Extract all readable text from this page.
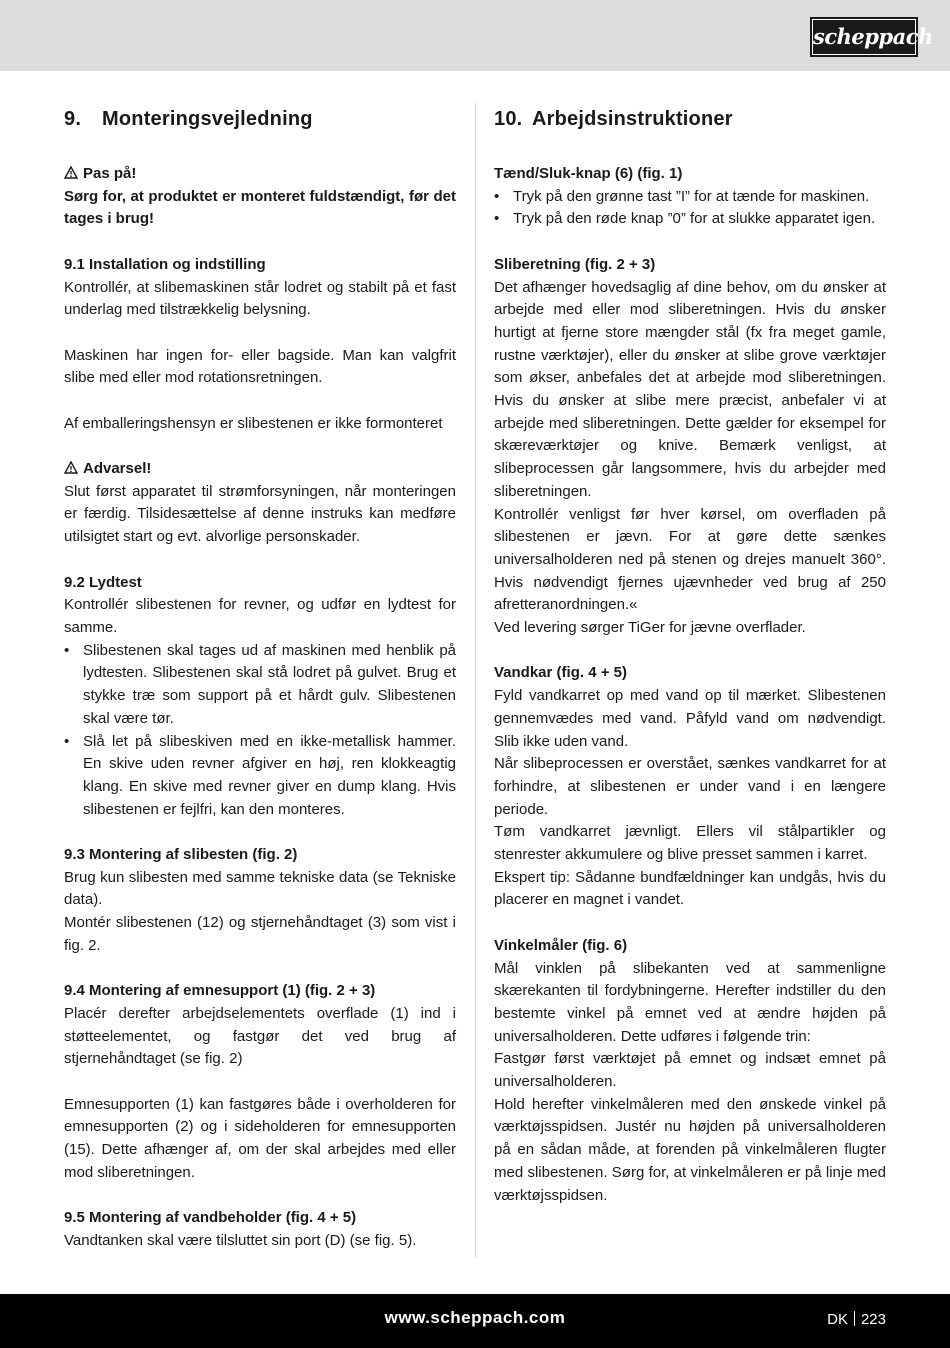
scheppach
9. Monteringsvejledning
Pas på!
Sørg for, at produktet er monteret fuldstændigt, før det tages i brug!
9.1 Installation og indstilling
Kontrollér, at slibemaskinen står lodret og stabilt på et fast underlag med tilstrækkelig belysning.
Maskinen har ingen for- eller bagside. Man kan valgfrit slibe med eller mod rotationsretningen.
Af emballeringshensyn er slibestenen er ikke formonteret
Advarsel!
Slut først apparatet til strømforsyningen, når monteringen er færdig. Tilsidesættelse af denne instruks kan medføre utilsigtet start og evt. alvorlige personskader.
9.2 Lydtest
Kontrollér slibestenen for revner, og udfør en lydtest for samme.
• Slibestenen skal tages ud af maskinen med henblik på lydtesten. Slibestenen skal stå lodret på gulvet. Brug et stykke træ som support på et hårdt gulv. Slibestenen skal være tør.
• Slå let på slibeskiven med en ikke-metallisk hammer. En skive uden revner afgiver en høj, ren klokkeagtig klang. En skive med revner giver en dump klang. Hvis slibestenen er fejlfri, kan den monteres.
9.3 Montering af slibesten (fig. 2)
Brug kun slibesten med samme tekniske data (se Tekniske data).
Montér slibestenen (12) og stjernehåndtaget (3) som vist i fig. 2.
9.4 Montering af emnesupport (1) (fig. 2 + 3)
Placér derefter arbejdselementets overflade (1) ind i støtteelementet, og fastgør det ved brug af stjernehåndtaget (se fig. 2)
Emnesupporten (1) kan fastgøres både i overholderen for emnesupporten (2) og i sideholderen for emnesupporten (15). Dette afhænger af, om der skal arbejdes med eller mod sliberetningen.
9.5 Montering af vandbeholder (fig. 4 + 5)
Vandtanken skal være tilsluttet sin port (D) (se fig. 5).
10. Arbejdsinstruktioner
Tænd/Sluk-knap (6) (fig. 1)
• Tryk på den grønne tast ”I” for at tænde for maskinen.
• Tryk på den røde knap ”0” for at slukke apparatet igen.
Sliberetning (fig. 2 + 3)
Det afhænger hovedsaglig af dine behov, om du ønsker at arbejde med eller mod sliberetningen. Hvis du ønsker hurtigt at fjerne store mængder stål (fx fra meget gamle, rustne værktøjer), eller du ønsker at slibe grove værktøjer som økser, anbefales det at arbejde mod sliberetningen. Hvis du ønsker at slibe mere præcist, anbefaler vi at arbejde med sliberetningen. Dette gælder for eksempel for skæreværktøjer og knive. Bemærk venligst, at slibeprocessen går langsommere, hvis du arbejder med sliberetningen.
Kontrollér venligst før hver kørsel, om overfladen på slibestenen er jævn. For at gøre dette sænkes universalholderen ned på stenen og drejes manuelt 360°. Hvis nødvendigt fjernes ujævnheder ved brug af 250 afretteranordningen.«
Ved levering sørger TiGer for jævne overflader.
Vandkar (fig. 4 + 5)
Fyld vandkarret op med vand op til mærket. Slibestenen gennemvædes med vand. Påfyld vand om nødvendigt. Slib ikke uden vand.
Når slibeprocessen er overstået, sænkes vandkarret for at forhindre, at slibestenen er under vand i en længere periode.
Tøm vandkarret jævnligt. Ellers vil stålpartikler og stenrester akkumulere og blive presset sammen i karret.
Ekspert tip: Sådanne bundfældninger kan undgås, hvis du placerer en magnet i vandet.
Vinkelmåler (fig. 6)
Mål vinklen på slibekanten ved at sammenligne skærekanten til fordybningerne. Herefter indstiller du den bestemte vinkel på emnet ved at ændre højden på universalholderen. Dette udføres i følgende trin:
Fastgør først værktøjet på emnet og indsæt emnet på universalholderen.
Hold herefter vinkelmåleren med den ønskede vinkel på værktøjsspidsen. Justér nu højden på universalholderen på en sådan måde, at forenden på vinkelmåleren flugter med slibestenen. Sørg for, at vinkelmåleren er på linje med værktøjsspidsen.
www.scheppach.com	DK 223
